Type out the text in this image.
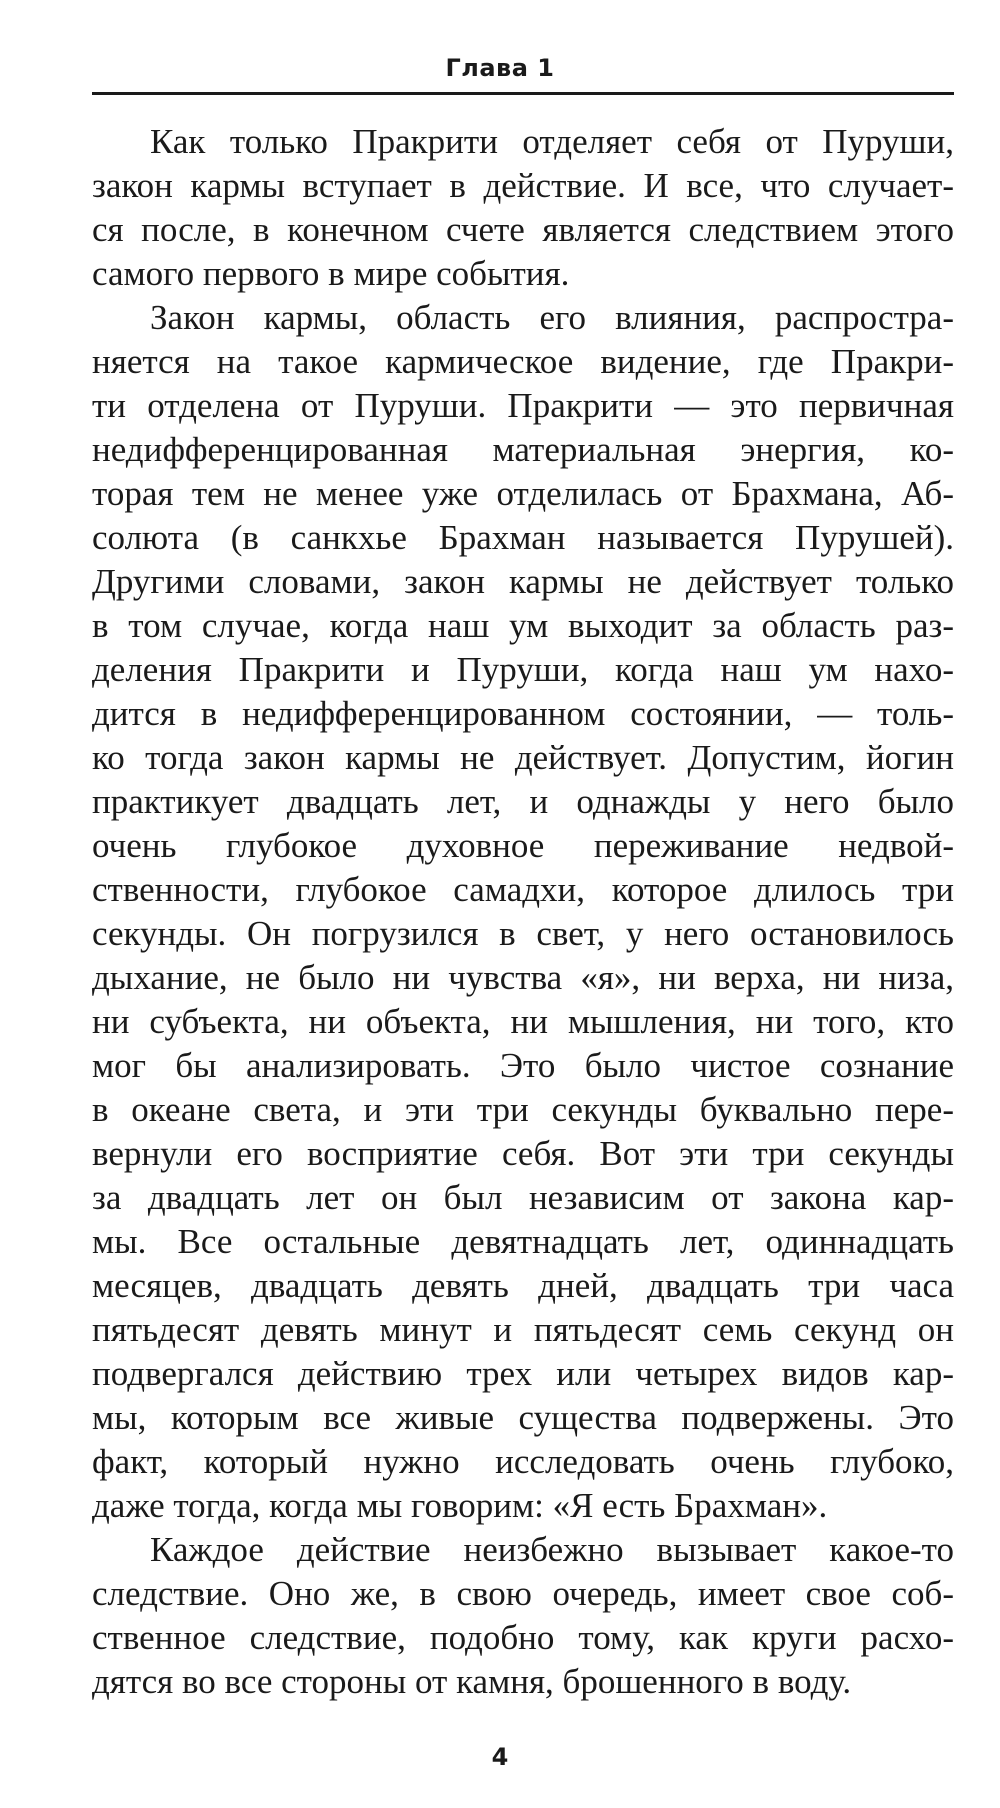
Глава 1
Как только Пракрити отделяет себя от Пуруши,
закон кармы вступает в действие. И все, что случает-
ся после, в конечном счете является следствием этого
самого первого в мире события.
Закон кармы, область его влияния, распростра-
няется на такое кармическое видение, где Пракри-
ти отделена от Пуруши. Пракрити — это первичная
недифференцированная материальная энергия, ко-
торая тем не менее уже отделилась от Брахмана, Аб-
солюта (в санкхье Брахман называется Пурушей).
Другими словами, закон кармы не действует только
в том случае, когда наш ум выходит за область раз-
деления Пракрити и Пуруши, когда наш ум нахо-
дится в недифференцированном состоянии, — толь-
ко тогда закон кармы не действует. Допустим, йогин
практикует двадцать лет, и однажды у него было
очень глубокое духовное переживание недвой-
ственности, глубокое самадхи, которое длилось три
секунды. Он погрузился в свет, у него остановилось
дыхание, не было ни чувства «я», ни верха, ни низа,
ни субъекта, ни объекта, ни мышления, ни того, кто
мог бы анализировать. Это было чистое сознание
в океане света, и эти три секунды буквально пере-
вернули его восприятие себя. Вот эти три секунды
за двадцать лет он был независим от закона кар-
мы. Все остальные девятнадцать лет, одиннадцать
месяцев, двадцать девять дней, двадцать три часа
пятьдесят девять минут и пятьдесят семь секунд он
подвергался действию трех или четырех видов кар-
мы, которым все живые существа подвержены. Это
факт, который нужно исследовать очень глубоко,
даже тогда, когда мы говорим: «Я есть Брахман».
Каждое действие неизбежно вызывает какое-то
следствие. Оно же, в свою очередь, имеет свое соб-
ственное следствие, подобно тому, как круги расхо-
дятся во все стороны от камня, брошенного в воду.
4
